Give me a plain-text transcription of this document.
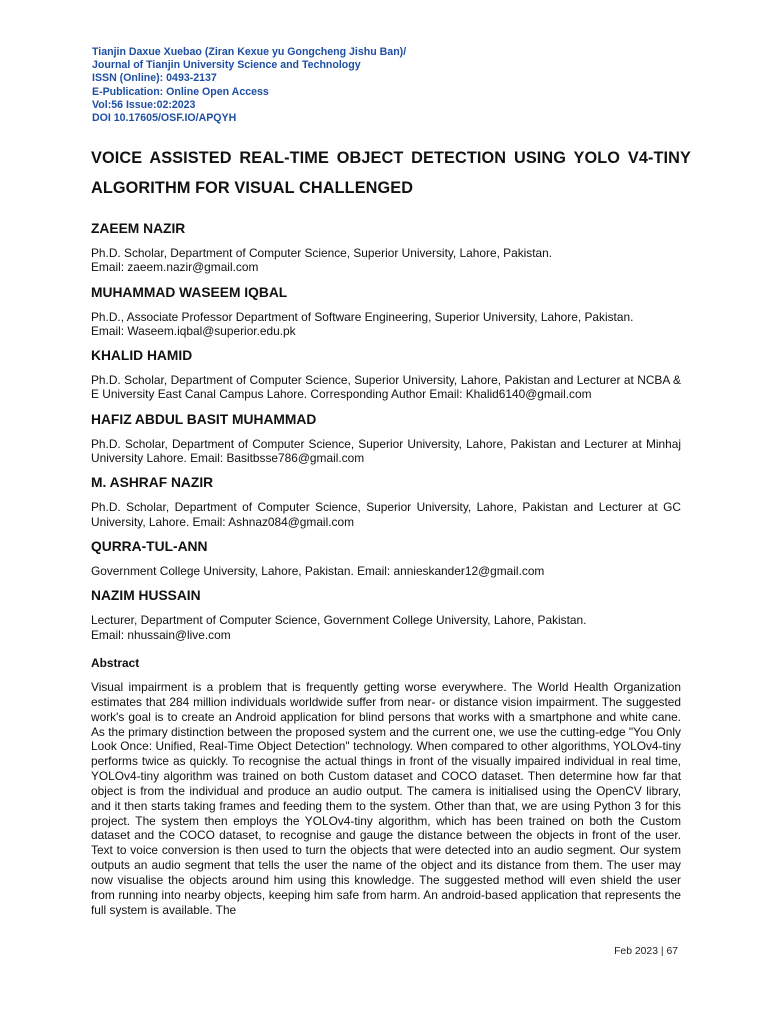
Tianjin Daxue Xuebao (Ziran Kexue yu Gongcheng Jishu Ban)/
Journal of Tianjin University Science and Technology
ISSN (Online): 0493-2137
E-Publication: Online Open Access
Vol:56 Issue:02:2023
DOI 10.17605/OSF.IO/APQYH
VOICE ASSISTED REAL-TIME OBJECT DETECTION USING YOLO V4-TINY ALGORITHM FOR VISUAL CHALLENGED
ZAEEM NAZIR
Ph.D. Scholar, Department of Computer Science, Superior University, Lahore, Pakistan.
Email: zaeem.nazir@gmail.com
MUHAMMAD WASEEM IQBAL
Ph.D., Associate Professor Department of Software Engineering, Superior University, Lahore, Pakistan.
Email: Waseem.iqbal@superior.edu.pk
KHALID HAMID
Ph.D. Scholar, Department of Computer Science, Superior University, Lahore, Pakistan and Lecturer at NCBA & E University East Canal Campus Lahore. Corresponding Author Email: Khalid6140@gmail.com
HAFIZ ABDUL BASIT MUHAMMAD
Ph.D. Scholar, Department of Computer Science, Superior University, Lahore, Pakistan and Lecturer at Minhaj University Lahore. Email: Basitbsse786@gmail.com
M. ASHRAF NAZIR
Ph.D. Scholar, Department of Computer Science, Superior University, Lahore, Pakistan and Lecturer at GC University, Lahore. Email: Ashnaz084@gmail.com
QURRA-TUL-ANN
Government College University, Lahore, Pakistan. Email: annieskander12@gmail.com
NAZIM HUSSAIN
Lecturer, Department of Computer Science, Government College University, Lahore, Pakistan.
Email: nhussain@live.com
Abstract

Visual impairment is a problem that is frequently getting worse everywhere. The World Health Organization estimates that 284 million individuals worldwide suffer from near- or distance vision impairment. The suggested work's goal is to create an Android application for blind persons that works with a smartphone and white cane. As the primary distinction between the proposed system and the current one, we use the cutting-edge "You Only Look Once: Unified, Real-Time Object Detection" technology. When compared to other algorithms, YOLOv4-tiny performs twice as quickly. To recognise the actual things in front of the visually impaired individual in real time, YOLOv4-tiny algorithm was trained on both Custom dataset and COCO dataset. Then determine how far that object is from the individual and produce an audio output. The camera is initialised using the OpenCV library, and it then starts taking frames and feeding them to the system. Other than that, we are using Python 3 for this project. The system then employs the YOLOv4-tiny algorithm, which has been trained on both the Custom dataset and the COCO dataset, to recognise and gauge the distance between the objects in front of the user. Text to voice conversion is then used to turn the objects that were detected into an audio segment. Our system outputs an audio segment that tells the user the name of the object and its distance from them. The user may now visualise the objects around him using this knowledge. The suggested method will even shield the user from running into nearby objects, keeping him safe from harm. An android-based application that represents the full system is available. The

Feb 2023 | 67
